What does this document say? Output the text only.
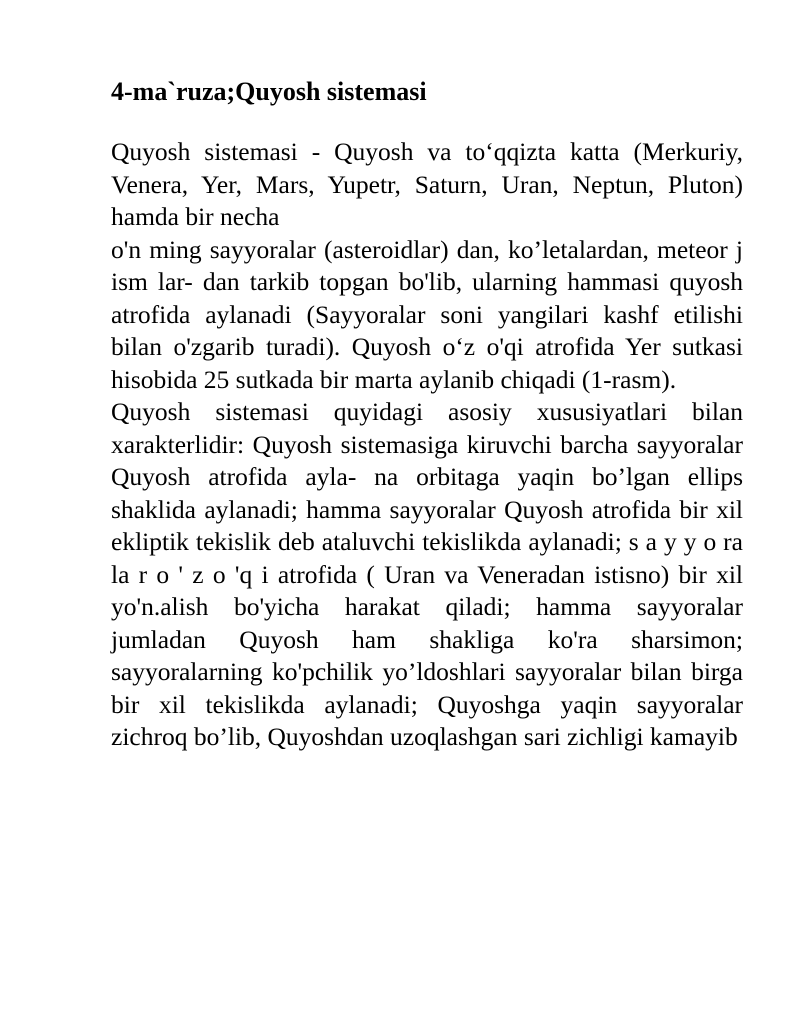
4-ma`ruza;Quyosh sistemasi

Quyosh sistemasi - Quyosh va to‘qqizta katta (Merkuriy, Venera, Yer, Mars, Yupetr, Saturn, Uran, Neptun, Pluton) hamda bir necha

o'n ming sayyoralar (asteroidlar) dan, ko’letalardan, meteor j ism lar- dan tarkib topgan bo'lib, ularning hammasi quyosh atrofida aylanadi (Sayyoralar soni yangilari kashf etilishi bilan o'zgarib turadi). Quyosh o‘z o'qi atrofida Yer sutkasi hisobida 25 sutkada bir marta aylanib chiqadi (1-rasm).

Quyosh sistemasi quyidagi asosiy xususiyatlari bilan xarakterlidir: Quyosh sistemasiga kiruvchi barcha sayyoralar Quyosh atrofida ayla- na orbitaga yaqin bo’lgan ellips shaklida aylanadi; hamma sayyoralar Quyosh atrofida bir xil ekliptik tekislik deb ataluvchi tekislikda aylanadi; s a y y o ra la r o ' z o 'q i atrofida ( Uran va Veneradan istisno) bir xil yo'n.alish bo'yicha harakat qiladi; hamma sayyoralar jumladan Quyosh ham shakliga ko'ra sharsimon; sayyoralarning ko'pchilik yo’ldoshlari sayyoralar bilan birga bir xil tekislikda aylanadi; Quyoshga yaqin sayyoralar zichroq bo’lib, Quyoshdan uzoqlashgan sari zichligi kamayib
